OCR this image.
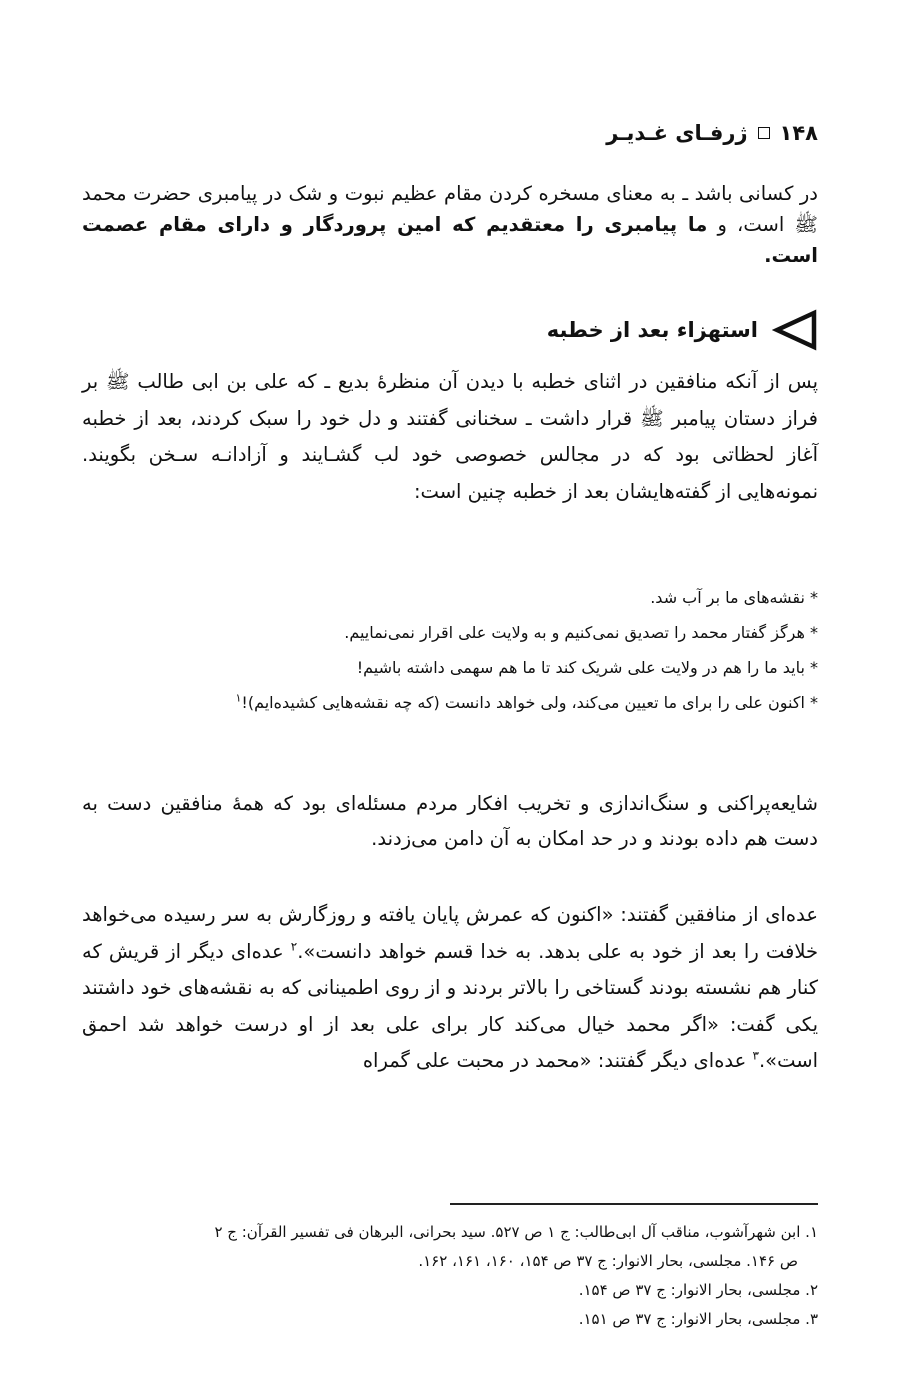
ژرفـای غـدیـر ۱۴۸
در کسانی باشد ـ به معنای مسخره کردن مقام عظیم نبوت و شک در پیامبری حضرت محمد ﷺ است، و ما پیامبری را معتقدیم که امین پروردگار و دارای مقام عصمت است.
استهزاء بعد از خطبه
پس از آنکه منافقین در اثنای خطبه با دیدن آن منظرهٔ بدیع ـ که علی بن ابی طالب ﷺ بر فراز دستان پیامبر ﷺ قرار داشت ـ سخنانی گفتند و دل خود را سبک کردند، بعد از خطبه آغاز لحظاتی بود که در مجالس خصوصی خود لب گشـایند و آزادانـه سـخن بگویند. نمونه‌هایی از گفته‌هایشان بعد از خطبه چنین است:
* نقشه‌های ما بر آب شد.
* هرگز گفتار محمد را تصدیق نمی‌کنیم و به ولایت علی اقرار نمی‌نماییم.
* باید ما را هم در ولایت علی شریک کند تا ما هم سهمی داشته باشیم!
* اکنون علی را برای ما تعیین می‌کند، ولی خواهد دانست (که چه نقشه‌هایی کشیده‌ایم)!$^۱$
شایعه‌پراکنی و سنگ‌اندازی و تخریب افکار مردم مسئله‌ای بود که همهٔ منافقین دست به دست هم داده بودند و در حد امکان به آن دامن می‌زدند.
عده‌ای از منافقین گفتند: «اکنون که عمرش پایان یافته و روزگارش به سر رسیده می‌خواهد خلافت را بعد از خود به علی بدهد. به خدا قسم خواهد دانست».$^۲$ عده‌ای دیگر از قریش که کنار هم نشسته بودند گستاخی را بالاتر بردند و از روی اطمینانی که به نقشه‌های خود داشتند یکی گفت: «اگر محمد خیال می‌کند کار برای علی بعد از او درست خواهد شد احمق است».$^۳$ عده‌ای دیگر گفتند: «محمد در محبت علی گمراه
۱. ابن شهرآشوب، مناقب آل ابی‌طالب: ج ۱ ص ۵۲۷. سید بحرانی، البرهان فی تفسیر القرآن: ج ۲
ص ۱۴۶. مجلسی، بحار الانوار: ج ۳۷ ص ۱۵۴، ۱۶۰، ۱۶۱، ۱۶۲.
۲. مجلسی، بحار الانوار: ج ۳۷ ص ۱۵۴.
۳. مجلسی، بحار الانوار: ج ۳۷ ص ۱۵۱.
